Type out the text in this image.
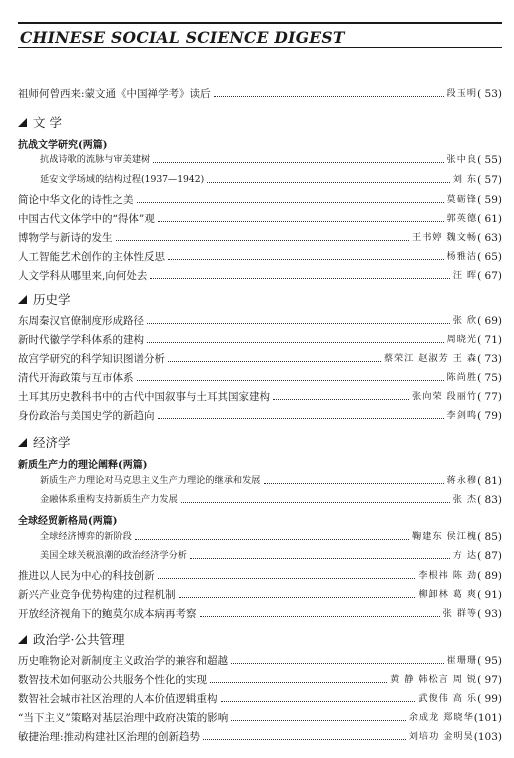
CHINESE SOCIAL SCIENCE DIGEST
祖师何曾西来:蒙文通《中国禅学考》读后	段玉明 ( 53)
文 学
抗战文学研究(两篇)
抗战诗歌的流脉与审美建树	张中良 ( 55)
延安文学场域的结构过程(1937—1942)	刘 东 ( 57)
简论中华文化的诗性之美	莫砺锋 ( 59)
中国古代文体学中的“得体”观	郭英德 ( 61)
博物学与新诗的发生	王书婷 魏文畅 ( 63)
人工智能艺术创作的主体性反思	杨雅洁 ( 65)
人文学科从哪里来,向何处去	汪 晖 ( 67)
历史学
东周秦汉官僚制度形成路径	张 欣 ( 69)
新时代徽学学科体系的建构	周晓光 ( 71)
故宫学研究的科学知识图谱分析	蔡荣江 赵淑芳 王 森 ( 73)
清代开海政策与互市体系	陈尚胜 ( 75)
土耳其历史教科书中的古代中国叙事与土耳其国家建构	张向荣 段丽竹 ( 77)
身份政治与美国史学的新趋向	李剑鸣 ( 79)
经济学
新质生产力的理论阐释(两篇)
新质生产力理论对马克思主义生产力理论的继承和发展	蒋永穆 ( 81)
金融体系重构支持新质生产力发展	张 杰 ( 83)
全球经贸新格局(两篇)
全球经济博弈的新阶段	鞠建东 侯江槐 ( 85)
美国全球关税浪潮的政治经济学分析	方 达 ( 87)
推进以人民为中心的科技创新	李根祎 陈 劲 ( 89)
新兴产业竞争优势构建的过程机制	柳卸林 葛 爽 ( 91)
开放经济视角下的鲍莫尔成本病再考察	张 群等 ( 93)
政治学·公共管理
历史唯物论对新制度主义政治学的兼容和超越	崔珊珊 ( 95)
数智技术如何驱动公共服务个性化的实现	黄 静 韩松言 周 锐 ( 97)
数智社会城市社区治理的人本价值逻辑重构	武俊伟 高 乐 ( 99)
“当下主义”策略对基层治理中政府决策的影响	余成龙 郑晓华 (101)
敏捷治理:推动构建社区治理的创新趋势	刘培功 金明昊 (103)
